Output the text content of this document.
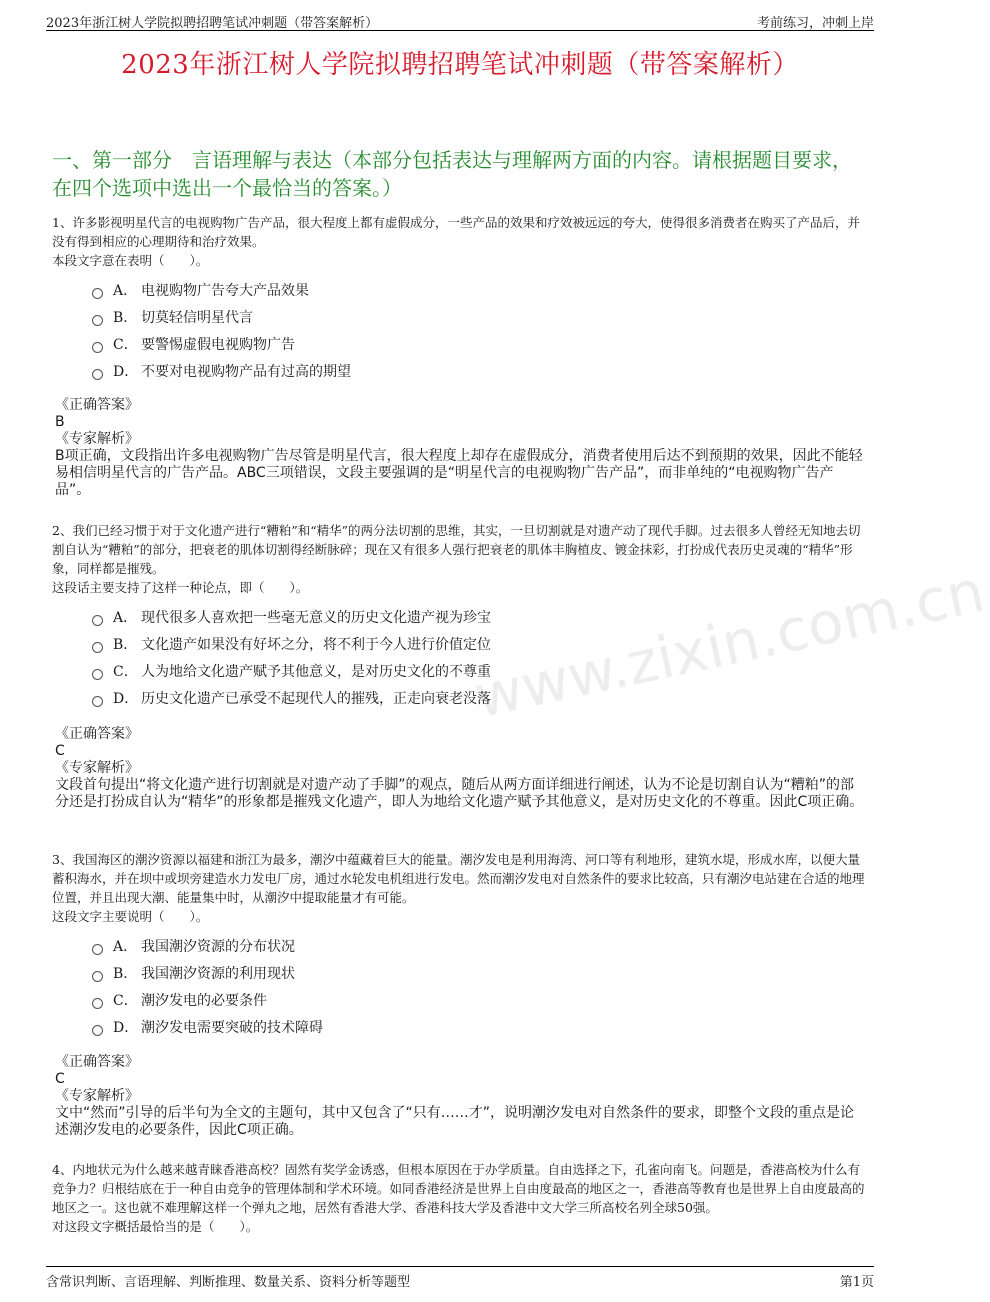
2023年浙江树人学院拟聘招聘笔试冲刺题（带答案解析）	考前练习，冲刺上岸
2023年浙江树人学院拟聘招聘笔试冲刺题（带答案解析）
一、第一部分　言语理解与表达（本部分包括表达与理解两方面的内容。请根据题目要求，在四个选项中选出一个最恰当的答案。）
www.zixin.com.cn

1、许多影视明星代言的电视购物广告产品，很大程度上都有虚假成分，一些产品的效果和疗效被远远的夸大，使得很多消费者在购买了产品后，并没有得到相应的心理期待和治疗效果。

本段文字意在表明（　　）。

A． 电视购物广告夸大产品效果
B． 切莫轻信明星代言
C． 要警惕虚假电视购物广告
D． 不要对电视购物产品有过高的期望

《正确答案》

B

《专家解析》

B项正确，文段指出许多电视购物广告尽管是明星代言，很大程度上却存在虚假成分，消费者使用后达不到预期的效果，因此不能轻易相信明星代言的广告产品。ABC三项错误，文段主要强调的是“明星代言的电视购物广告产品”，而非单纯的“电视购物广告产品”。

2、我们已经习惯于对于文化遗产进行“糟粕”和“精华”的两分法切割的思维，其实，一旦切割就是对遗产动了现代手脚。过去很多人曾经无知地去切割自认为“糟粕”的部分，把衰老的肌体切割得经断脉碎；现在又有很多人强行把衰老的肌体丰胸植皮、镀金抹彩，打扮成代表历史灵魂的“精华”形象，同样都是摧残。

这段话主要支持了这样一种论点，即（　　）。

A． 现代很多人喜欢把一些毫无意义的历史文化遗产视为珍宝
B． 文化遗产如果没有好坏之分，将不利于今人进行价值定位
C． 人为地给文化遗产赋予其他意义，是对历史文化的不尊重
D． 历史文化遗产已承受不起现代人的摧残，正走向衰老没落

《正确答案》

C

《专家解析》

文段首句提出“将文化遗产进行切割就是对遗产动了手脚”的观点，随后从两方面详细进行阐述，认为不论是切割自认为“糟粕”的部分还是打扮成自认为“精华”的形象都是摧残文化遗产，即人为地给文化遗产赋予其他意义，是对历史文化的不尊重。因此C项正确。

3、我国海区的潮汐资源以福建和浙江为最多，潮汐中蕴藏着巨大的能量。潮汐发电是利用海湾、河口等有利地形，建筑水堤，形成水库，以便大量蓄积海水，并在坝中或坝旁建造水力发电厂房，通过水轮发电机组进行发电。然而潮汐发电对自然条件的要求比较高，只有潮汐电站建在合适的地理位置，并且出现大潮、能量集中时，从潮汐中提取能量才有可能。

这段文字主要说明（　　）。

A． 我国潮汐资源的分布状况
B． 我国潮汐资源的利用现状
C． 潮汐发电的必要条件
D． 潮汐发电需要突破的技术障碍

《正确答案》

C

《专家解析》

文中“然而”引导的后半句为全文的主题句，其中又包含了“只有……才”，说明潮汐发电对自然条件的要求，即整个文段的重点是论述潮汐发电的必要条件，因此C项正确。

4、内地状元为什么越来越青睐香港高校？固然有奖学金诱惑，但根本原因在于办学质量。自由选择之下，孔雀向南飞。问题是，香港高校为什么有竞争力？归根结底在于一种自由竞争的管理体制和学术环境。如同香港经济是世界上自由度最高的地区之一，香港高等教育也是世界上自由度最高的地区之一。这也就不难理解这样一个弹丸之地，居然有香港大学、香港科技大学及香港中文大学三所高校名列全球50强。

对这段文字概括最恰当的是（　　）。

含常识判断、言语理解、判断推理、数量关系、资料分析等题型	第1页
